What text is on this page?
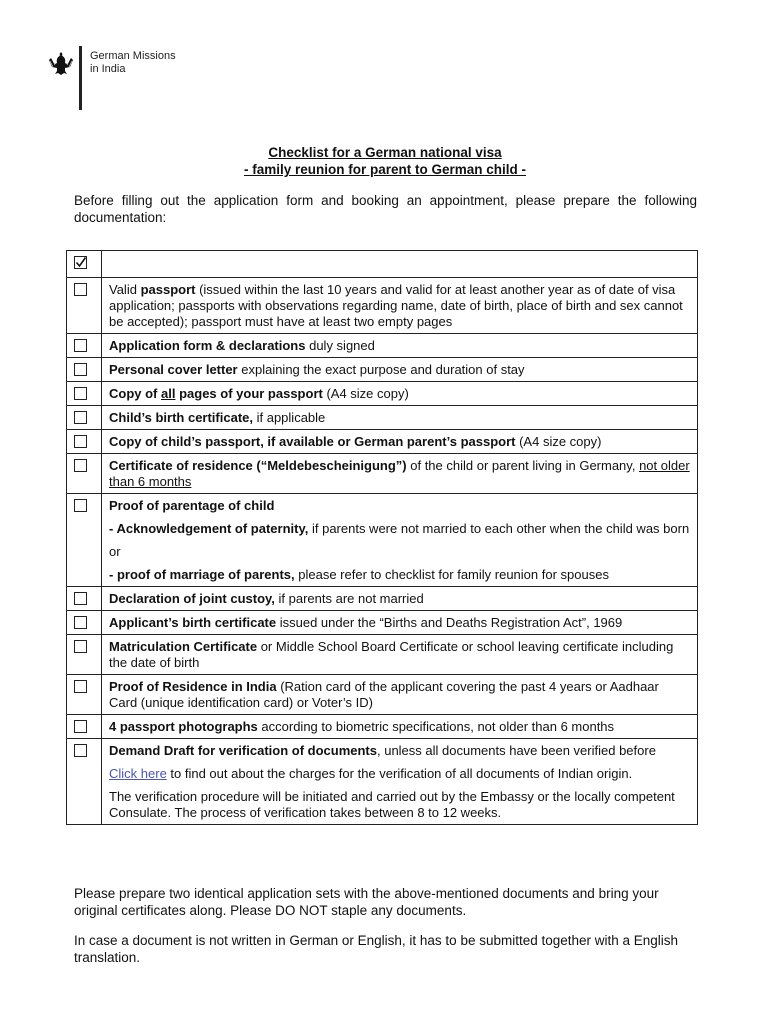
German Missions
in India
Checklist for a German national visa
- family reunion for parent to German child -
Before filling out the application form and booking an appointment, please prepare the following documentation:

	Valid passport (issued within the last 10 years and valid for at least another year as of date of visa application; passports with observations regarding name, date of birth, place of birth and sex cannot be accepted); passport must have at least two empty pages

	Application form & declarations duly signed

	Personal cover letter explaining the exact purpose and duration of stay

	Copy of all pages of your passport (A4 size copy)

	Child’s birth certificate, if applicable

	Copy of child’s passport, if available or German parent’s passport (A4 size copy)

	Certificate of residence (“Meldebescheinigung”) of the child or parent living in Germany, not older than 6 months

	Proof of parentage of child

- Acknowledgement of paternity, if parents were not married to each other when the child was born

or

- proof of marriage of parents, please refer to checklist for family reunion for spouses

	Declaration of joint custoy, if parents are not married

	Applicant’s birth certificate issued under the “Births and Deaths Registration Act”, 1969

	Matriculation Certificate or Middle School Board Certificate or school leaving certificate including the date of birth

	Proof of Residence in India (Ration card of the applicant covering the past 4 years or Aadhaar Card (unique identification card) or Voter’s ID)

	4 passport photographs according to biometric specifications, not older than 6 months

	Demand Draft for verification of documents, unless all documents have been verified before

Click here to find out about the charges for the verification of all documents of Indian origin.

The verification procedure will be initiated and carried out by the Embassy or the locally competent Consulate. The process of verification takes between 8 to 12 weeks.

Please prepare two identical application sets with the above-mentioned documents and bring your original certificates along. Please DO NOT staple any documents.
In case a document is not written in German or English, it has to be submitted together with a English translation.
